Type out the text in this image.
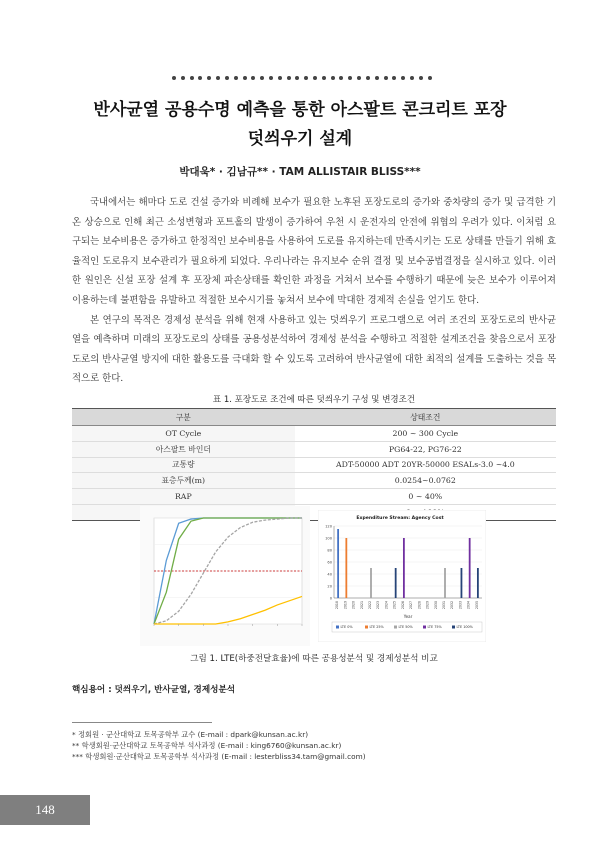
반사균열 공용수명 예측을 통한 아스팔트 콘크리트 포장
덧씌우기 설계
박대욱* · 김남규** · TAM ALLISTAIR BLISS***

국내에서는 해마다 도로 건설 증가와 비례해 보수가 필요한 노후된 포장도로의 증가와 중차량의 증가 및 급격한 기온 상승으로 인해 최근 소성변형과 포트홀의 발생이 증가하여 우천 시 운전자의 안전에 위협의 우려가 있다. 이처럼 요구되는 보수비용은 증가하고 한정적인 보수비용을 사용하여 도로를 유지하는데 만족시키는 도로 상태를 만들기 위해 효율적인 도로유지 보수관리가 필요하게 되었다. 우리나라는 유지보수 순위 결정 및 보수공법결정을 실시하고 있다. 이러한 원인은 신설 포장 설계 후 포장체 파손상태를 확인한 과정을 거쳐서 보수를 수행하기 때문에 늦은 보수가 이루어져 이용하는데 불편함을 유발하고 적절한 보수시기를 놓쳐서 보수에 막대한 경제적 손실을 얻기도 한다.

본 연구의 목적은 경제성 분석을 위해 현재 사용하고 있는 덧씌우기 프로그램으로 여러 조건의 포장도로의 반사균열을 예측하며 미래의 포장도로의 상태를 공용성분석하여 경제성 분석을 수행하고 적절한 설계조건을 찾음으로서 포장도로의 반사균열 방지에 대한 활용도를 극대화 할 수 있도록 고려하여 반사균열에 대한 최적의 설계를 도출하는 것을 목적으로 한다.

표 1. 포장도로 조건에 따른 덧씌우기 구성 및 변경조건
구분	상태조건
OT Cycle	200 ~ 300 Cycle
아스팔트 바인더	PG64-22, PG76-22
교통량	ADT-50000 ADT 20YR-50000 ESALs-3.0 ~4.0
표층두께(m)	0.0254~0.0762
RAP	0 ~ 40%

Expenditure Stream: Agency Cost
0
20
40
60
80
100
120
2018 2019 2020 2021 2022 2023 2024 2025 2026 2027 2028 2029 2030 2031 2032 2033 2034 2035
Year
LTE 0%	LTE 25%	LTE 50%	LTE 75%	LTE 100%
그림 1. LTE(하중전달효율)에 따른 공용성분석 및 경제성분석 비교
핵심용어 : 덧씌우기, 반사균열, 경제성분석
* 정회원 · 군산대학교 토목공학부 교수 (E-mail : dpark@kunsan.ac.kr)
** 학생회원·군산대학교 토목공학부 석사과정 (E-mail : king6760@kunsan.ac.kr)
*** 학생회원·군산대학교 토목공학부 석사과정 (E-mail : lesterbliss34.tam@gmail.com)
148
